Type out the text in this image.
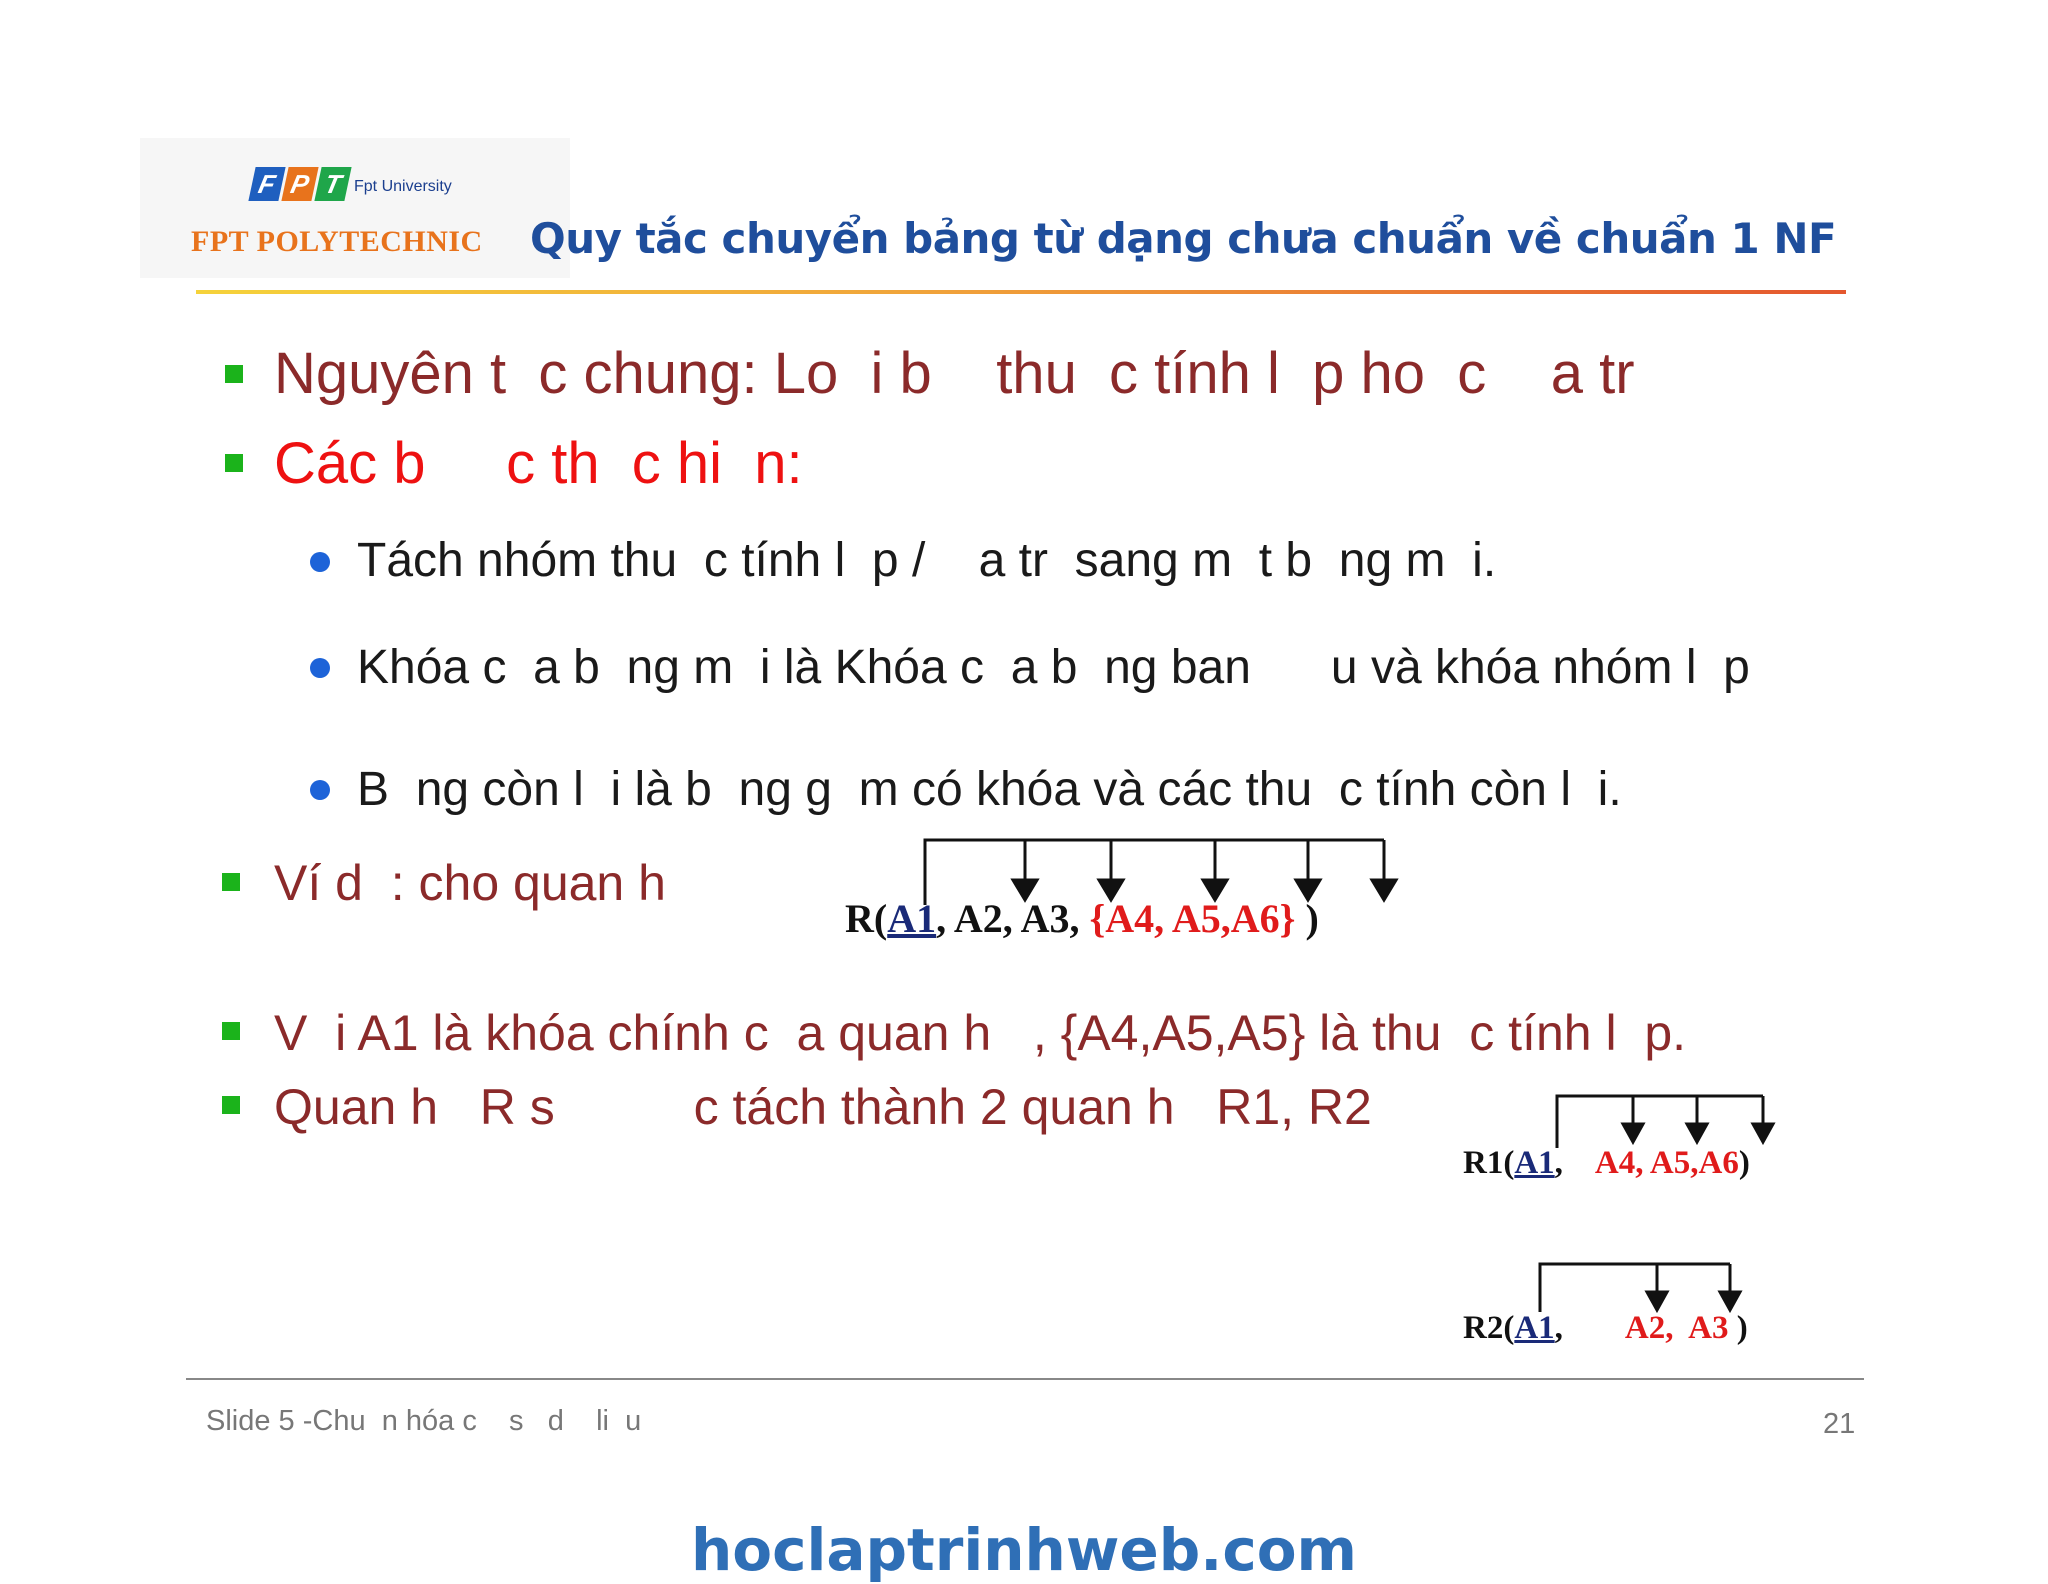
F P T Fpt University
FPT POLYTECHNIC Quy tắc chuyển bảng từ dạng chưa chuẩn về chuẩn 1 NF
Nguyên t  c chung: Lo  i b    thu  c tính l  p ho  c    a tr
Các b     c th  c hi  n:
Tách nhóm thu  c tính l  p /    a tr  sang m  t b  ng m  i.
Khóa c  a b  ng m  i là Khóa c  a b  ng ban      u và khóa nhóm l  p
B  ng còn l  i là b  ng g  m có khóa và các thu  c tính còn l  i.
Ví d  : cho quan h
V  i A1 là khóa chính c  a quan h   , {A4,A5,A5} là thu  c tính l  p.
Quan h   R s          c tách thành 2 quan h   R1, R2
R(A1, A2, A3, {A4, A5,A6} )
R1(A1, A4, A5,A6)
R2(A1, A2,  A3 )
Slide 5 -Chu  n hóa c    s   d    li  u	21
hoclaptrinhweb.com
